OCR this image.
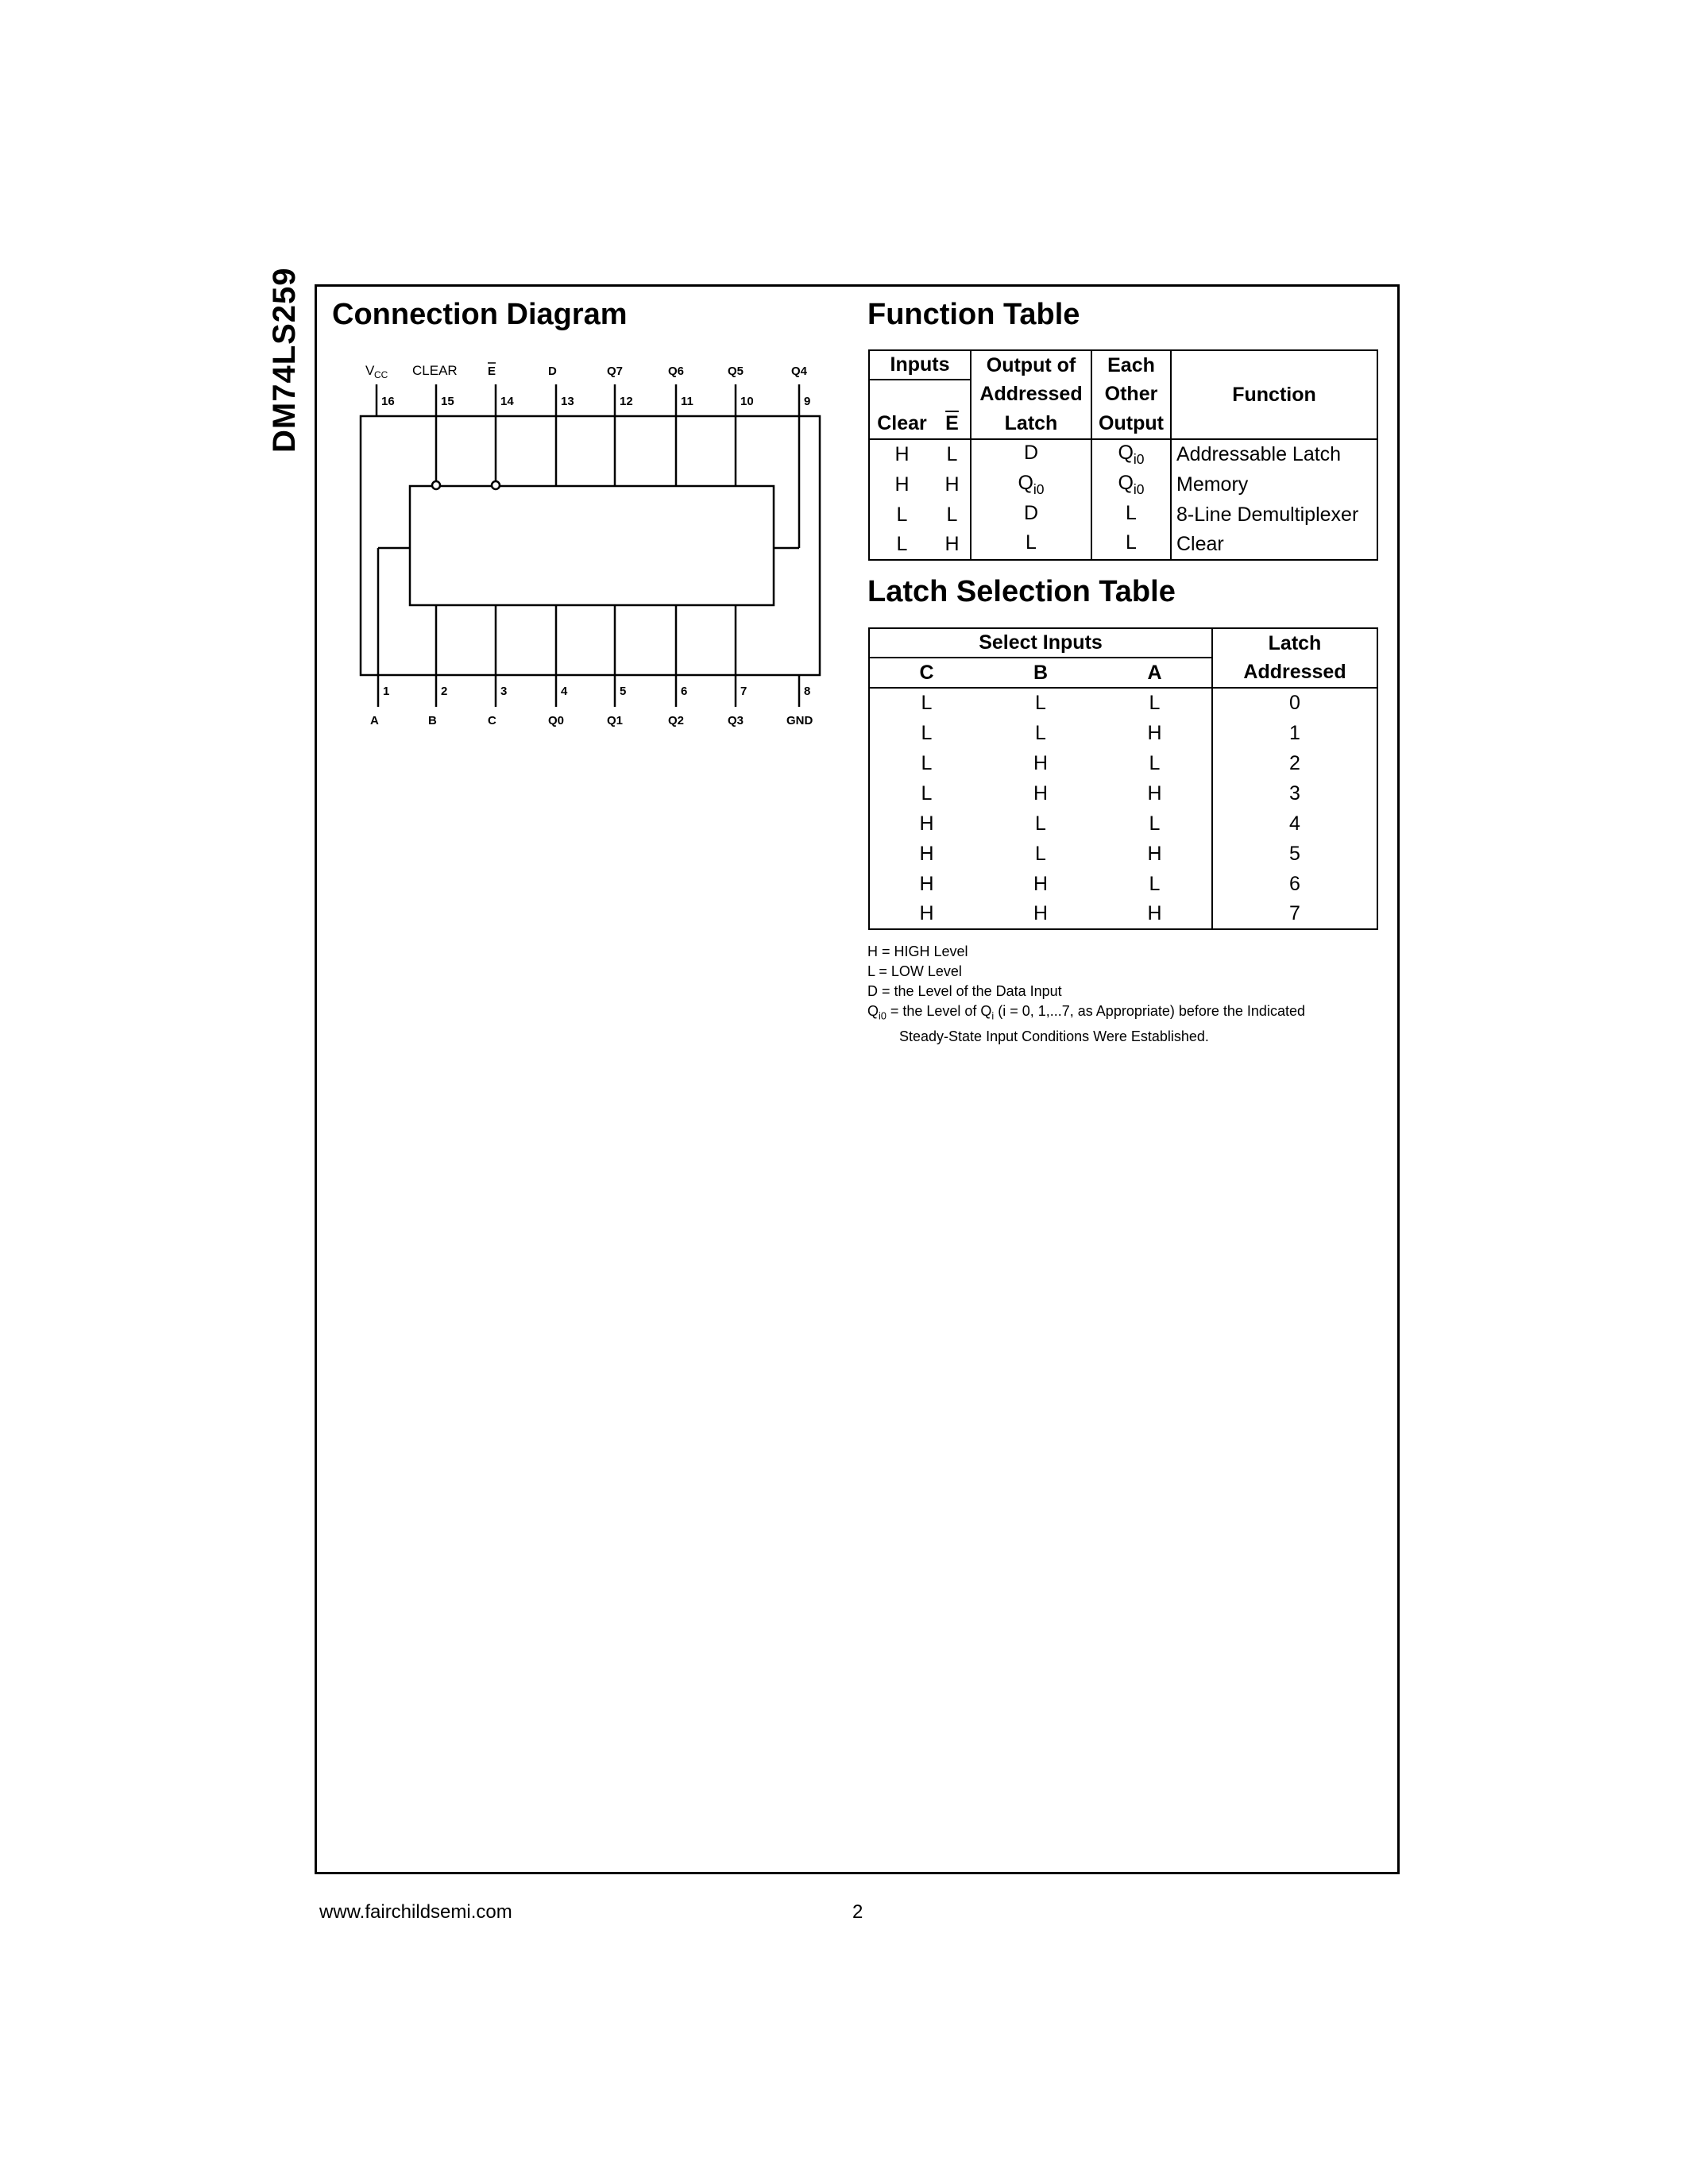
DM74LS259 Connection Diagram
16
V CC
15
CLEAR
14
E
13
D
12
Q7
11
Q6
10
Q5
9
Q4
1
A
2
B
3
C
4
Q0
5
Q1
6
Q2
7
Q3
8
GND
Function Table
Inputs		Output of	Each	Function
		Addressed	Other	
Clear	$\overline{E}$	Latch	Output	
H	L	D	$Q_{i0}$	Addressable Latch
H	H	$Q_{i0}$	$Q_{i0}$	Memory
L	L	D	L	8-Line Demultiplexer
L	H	L	L	Clear
Latch Selection Table
Select Inputs			Latch
C	B	A	Addressed
L	L	L	0
L	L	H	1
L	H	L	2
L	H	H	3
H	L	L	4
H	L	H	5
H	H	L	6
H	H	H	7
H = HIGH Level
L = LOW Level
D = the Level of the Data Input
$Q_{i0}$ = the Level of $Q_i$ (i = 0, 1,...7, as Appropriate) before the Indicated
Steady-State Input Conditions Were Established.
www.fairchildsemi.com	2
